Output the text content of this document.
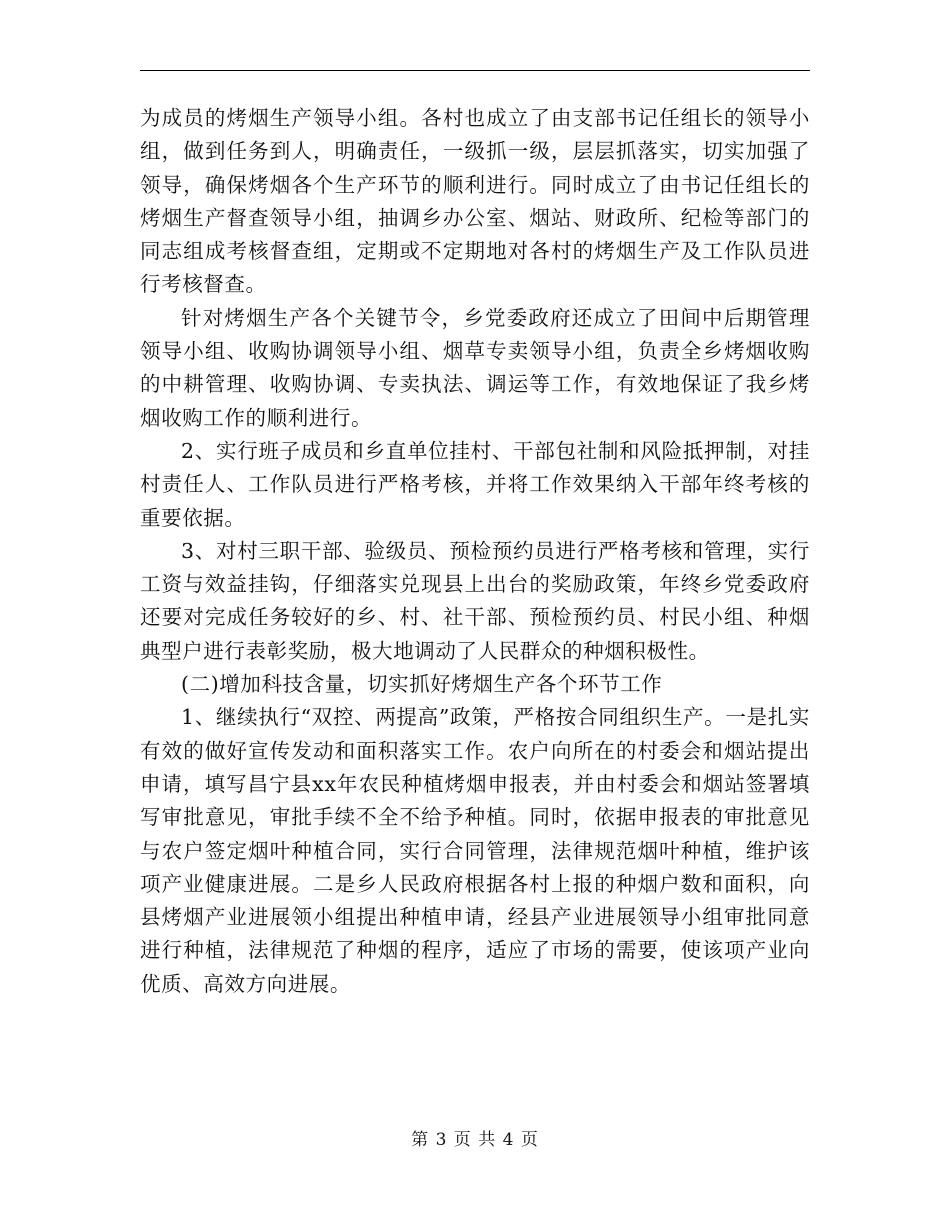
为成员的烤烟生产领导小组。各村也成立了由支部书记任组长的领导小组，做到任务到人，明确责任，一级抓一级，层层抓落实，切实加强了领导，确保烤烟各个生产环节的顺利进行。同时成立了由书记任组长的烤烟生产督查领导小组，抽调乡办公室、烟站、财政所、纪检等部门的同志组成考核督查组，定期或不定期地对各村的烤烟生产及工作队员进行考核督查。

针对烤烟生产各个关键节令，乡党委政府还成立了田间中后期管理领导小组、收购协调领导小组、烟草专卖领导小组，负责全乡烤烟收购的中耕管理、收购协调、专卖执法、调运等工作，有效地保证了我乡烤烟收购工作的顺利进行。

2、实行班子成员和乡直单位挂村、干部包社制和风险抵押制，对挂村责任人、工作队员进行严格考核，并将工作效果纳入干部年终考核的重要依据。

3、对村三职干部、验级员、预检预约员进行严格考核和管理，实行工资与效益挂钩，仔细落实兑现县上出台的奖励政策，年终乡党委政府还要对完成任务较好的乡、村、社干部、预检预约员、村民小组、种烟典型户进行表彰奖励，极大地调动了人民群众的种烟积极性。

(二)增加科技含量，切实抓好烤烟生产各个环节工作

1、继续执行“双控、两提高”政策，严格按合同组织生产。一是扎实有效的做好宣传发动和面积落实工作。农户向所在的村委会和烟站提出申请，填写昌宁县xx年农民种植烤烟申报表，并由村委会和烟站签署填写审批意见，审批手续不全不给予种植。同时，依据申报表的审批意见与农户签定烟叶种植合同，实行合同管理，法律规范烟叶种植，维护该项产业健康进展。二是乡人民政府根据各村上报的种烟户数和面积，向县烤烟产业进展领小组提出种植申请，经县产业进展领导小组审批同意进行种植，法律规范了种烟的程序，适应了市场的需要，使该项产业向优质、高效方向进展。

第 3 页 共 4 页
